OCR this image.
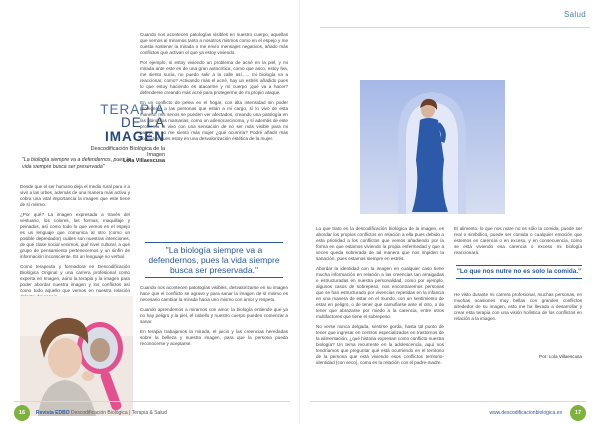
TERAPIA
DE LA IMAGEN
Descodificación Biológica de la Imagen
Lola Villaescusa
"La biología siempre va a defendernos, pues la vida siempre busca ser preservada"

Desde que el ser humano deja el medio rural para ir a vivir a las urbes, además de una manera más activa y cobra una vital importancia la imagen que este tiene de sí mismo.

¿Por qué? La imagen expresada a través del vestuario, los colores, las formas, maquillaje y peinados, así como todo lo que vemos en el espejo es un lenguaje que comunica al otro (como un posible depredador) cuáles son nuestras intenciones, de qué clase social venimos, qué nivel cultural, a qué grupo de pensamiento pertenecemos y un sinfín de información inconsciente. Es un lenguaje no verbal.

Como terapeuta y formadora en Descodificación Biológica Original y una carrera profesional como experta en Imagen, aúno la terapia y la imagen para poder abordar nuestra imagen y los conflictos así como todo aquello que vemos en nuestra relación

Cuando nos acontecen patologías visibles en nuestro cuerpo, aquellas que vemos al mirarnos tanto a nosotros mismos como en el espejo y me cuesta sostener la mirada o me envío mensajes negativos, añado más conflictos que activan el que ya estoy viviendo.

Por ejemplo, si estoy viviendo un problema de acné en la piel, y mi mirada ante este es de una gran autocrítica, como que asco, estoy fea, me siento sucia, no puedo salir a la calle así...... mi biología va a reaccionar, como? Activando más el acné, hay un estrés añadido pues lo que estoy haciendo es atacarme y mi cuerpo ¡qué va a hacer? defenderse creando más acné para protegerme de mi propio ataque.

En un conflicto de pelea en el hogar, con alta intensidad sin poder protegerse a las personas que están a mi cargo, sí lo vivo de esta manera, mis senos se pueden ver afectados, creando una patología en las glándulas mamarias, como un adenocarcinoma, y sí además de este problema lo vivo con una sensación de no ser más visible para mi pareja, o no me siento más mujer ¿qué ocurriría? Podré añadir más conflictos pues estoy en una desvalorización estética de la mujer.

"La biología siempre va a defendernos, pues la vida siempre busca ser preservada."

Cuando nos acontecen patologías visibles, desvalorizarse en su imagen hace que el conflicto se agrave y para sanar la imagen de sí mismo es necesario cambiar la mirada hacia uno mismo con amor y respeto.

Cuando aprendemos a mirarnos con amor, la biología entiende que ya no hay peligro y la piel, el cabello y nuestro cuerpo pueden comenzar a sanar.

En terapia trabajamos la mirada, el juicio y las creencias heredadas sobre la belleza y nuestra imagen, para que la persona pueda reconocerse y aceptarse.

16	Revista EDBO Descodificación Biológica | Terapia & Salud
Salud

Lo que trato en la descodificación biológica de la imagen, es abordar los propios conflictos en relación a ella pues debido a esta prioridad a los conflictos que vemos añadiendo por la forma en que estamos viviendo la propia enfermedad y que a veces queda sobrerada de tal manera que nos impiden la sanación, pues estamos siempre en estrés.

Abordar la identidad con la imagen en cualquier caso tiene mucha información en relación a las creencias tan arraigadas e estructuradas en nuestra personalidad, como por ejemplo, algunos casos de sobrepeso, nos encontraremos personas que se han estructurado por vivencias repetidas en la infancia en una manera de estar en el mundo, con un sentimiento de estar en peligro, o de tener que camuflarse ante el otro, o de tener que abrazarse por miedo a la carencia, entre otros multifactores que tiene el sobrepeso.

No verse nunca delgada, sentirse gorda, hasta tal punto de tener que ingresar en centros especializados en trastornos de la alimentación, ¿qué historia expresan como conflicto nuestra biología? Un tema recurrente en la adolescencia, aquí nos tendríamos que preguntar qué está ocurriendo en el territorio de la persona que está viviendo esos conflictos territorio-identidad (con seco), como es la relación con el padre-madre.

El alimento, lo que nos nutre no es sólo la comida, puede ser real o simbólico, puede ser comida o cualquier emoción que estemos en carencia o en exceso, y en consecuencia, como se está viviendo esa carencia o exceso mi biología reaccionará.

"Lo que nos nutre no es solo la comida."

He visto durante mi carrera profesional, muchas personas, en muchas ocasiones muy bellas con grandes conflictos alrededor de su imagen, esto me ha llevado a desarrollar y crear esta terapia con una visión holística de los conflictos en relación a la imagen.

Por: Lola Villaescusa
www.descodificacionbiologica.es	17
